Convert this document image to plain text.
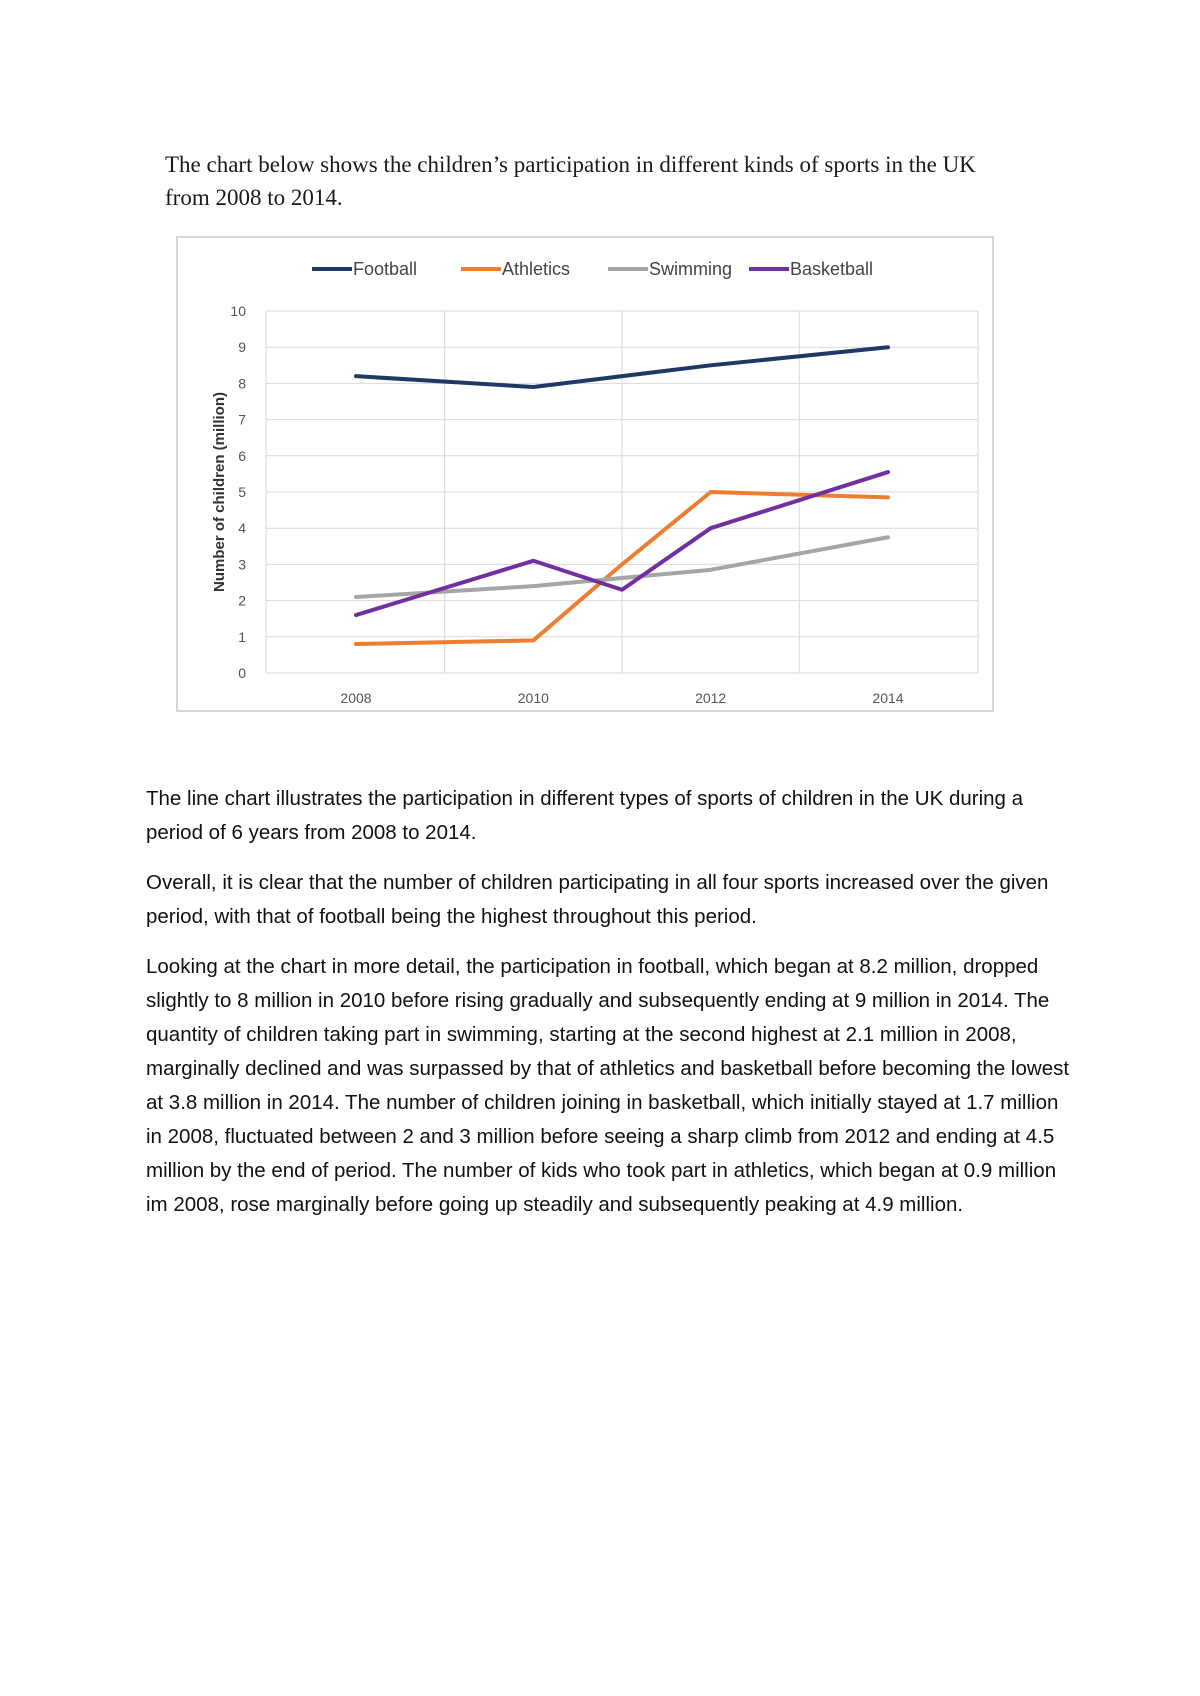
The chart below shows the children’s participation in different kinds of sports in the UK
from 2008 to 2014.
0
1
2
3
4
5
6
7
8
9
10
2008	2010	2012	2014
Number of children (million)
Football	Athletics	Swimming	Basketball

The line chart illustrates the participation in different types of sports of children in the UK during a period of 6 years from 2008 to 2014.

Overall, it is clear that the number of children participating in all four sports increased over the given period, with that of football being the highest throughout this period.

Looking at the chart in more detail, the participation in football, which began at 8.2 million, dropped slightly to 8 million in 2010 before rising gradually and subsequently ending at 9 million in 2014. The quantity of children taking part in swimming, starting at the second highest at 2.1 million in 2008, marginally declined and was surpassed by that of athletics and basketball before becoming the lowest at 3.8 million in 2014. The number of children joining in basketball, which initially stayed at 1.7 million in 2008, fluctuated between 2 and 3 million before seeing a sharp climb from 2012 and ending at 4.5 million by the end of period. The number of kids who took part in athletics, which began at 0.9 million im 2008, rose marginally before going up steadily and subsequently peaking at 4.9 million.
